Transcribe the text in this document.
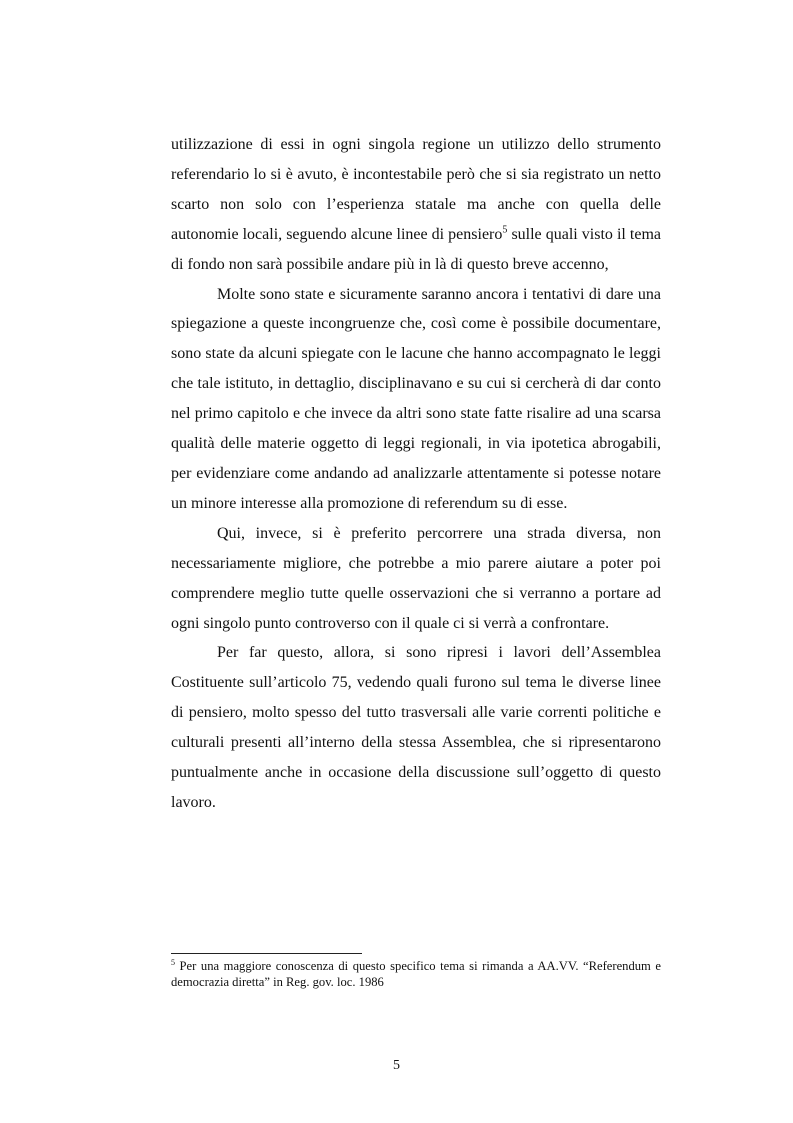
utilizzazione di essi in ogni singola regione un utilizzo dello strumento referendario lo si è avuto, è incontestabile però che si sia registrato un netto scarto non solo con l’esperienza statale ma anche con quella delle autonomie locali, seguendo alcune linee di pensiero$^5$ sulle quali visto il tema di fondo non sarà possibile andare più in là di questo breve accenno,

Molte sono state e sicuramente saranno ancora i tentativi di dare una spiegazione a queste incongruenze che, così come è possibile documentare, sono state da alcuni spiegate con le lacune che hanno accompagnato le leggi che tale istituto, in dettaglio, disciplinavano e su cui si cercherà di dar conto nel primo capitolo e che invece da altri sono state fatte risalire ad una scarsa qualità delle materie oggetto di leggi regionali, in via ipotetica abrogabili, per evidenziare come andando ad analizzarle attentamente si potesse notare un minore interesse alla promozione di referendum su di esse.

Qui, invece, si è preferito percorrere una strada diversa, non necessariamente migliore, che potrebbe a mio parere aiutare a poter poi comprendere meglio tutte quelle osservazioni che si verranno a portare ad ogni singolo punto controverso con il quale ci si verrà a confrontare.

Per far questo, allora, si sono ripresi i lavori dell’Assemblea Costituente sull’articolo 75, vedendo quali furono sul tema le diverse linee di pensiero, molto spesso del tutto trasversali alle varie correnti politiche e culturali presenti all’interno della stessa Assemblea, che si ripresentarono puntualmente anche in occasione della discussione sull’oggetto di questo lavoro.

$^5$ Per una maggiore conoscenza di questo specifico tema si rimanda a AA.VV. “Referendum e democrazia diretta” in Reg. gov. loc. 1986
5
